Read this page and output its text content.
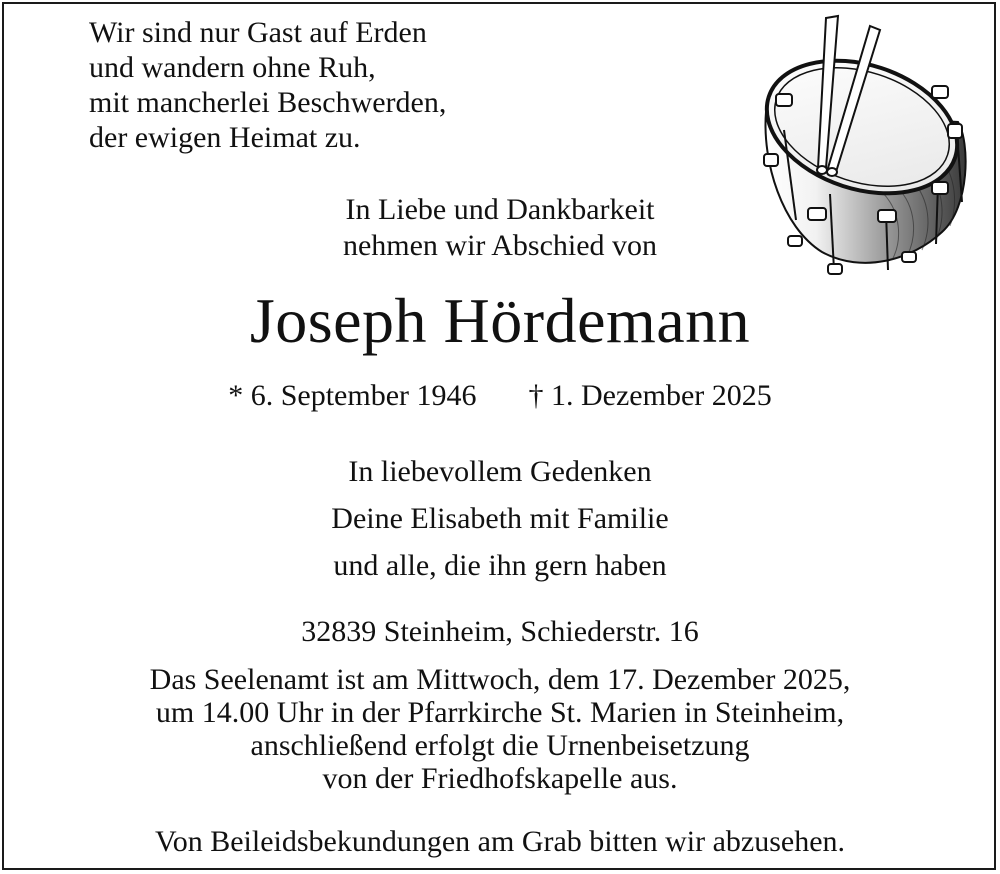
Wir sind nur Gast auf Erden
und wandern ohne Ruh,
mit mancherlei Beschwerden,
der ewigen Heimat zu.
In Liebe und Dankbarkeit
nehmen wir Abschied von
Joseph Hördemann
* 6. September 1946 † 1. Dezember 2025
In liebevollem Gedenken
Deine Elisabeth mit Familie
und alle, die ihn gern haben
32839 Steinheim, Schiederstr. 16
Das Seelenamt ist am Mittwoch, dem 17. Dezember 2025,
um 14.00 Uhr in der Pfarrkirche St. Marien in Steinheim,
anschließend erfolgt die Urnenbeisetzung
von der Friedhofskapelle aus.
Von Beileidsbekundungen am Grab bitten wir abzusehen.
